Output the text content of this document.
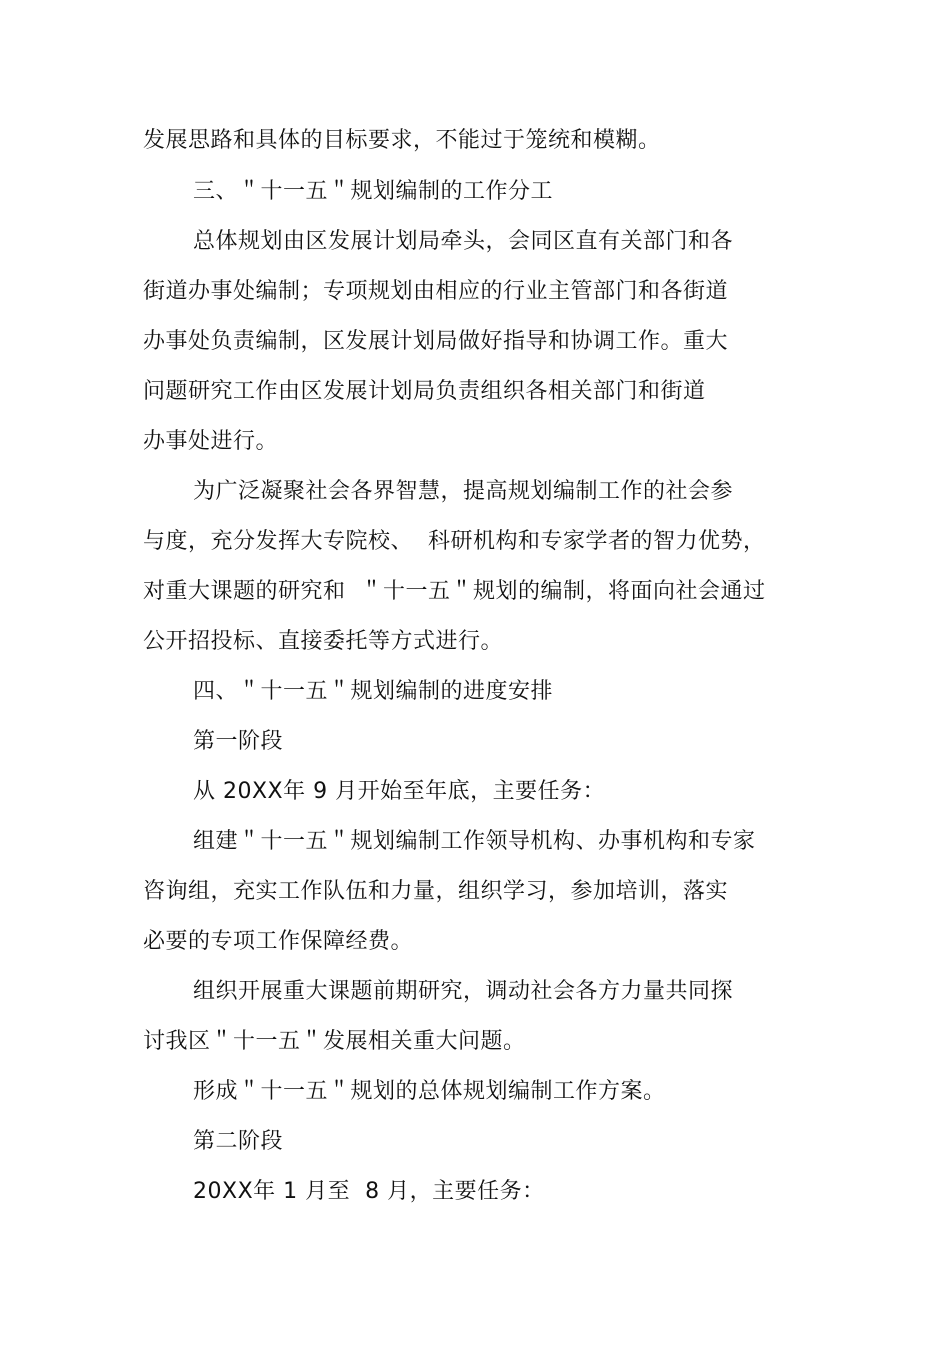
发展思路和具体的目标要求，不能过于笼统和模糊。
三、＂十一五＂规划编制的工作分工
总体规划由区发展计划局牵头，会同区直有关部门和各
街道办事处编制；专项规划由相应的行业主管部门和各街道
办事处负责编制，区发展计划局做好指导和协调工作。重大
问题研究工作由区发展计划局负责组织各相关部门和街道
办事处进行。
为广泛凝聚社会各界智慧，提高规划编制工作的社会参
与度，充分发挥大专院校、  科研机构和专家学者的智力优势，
对重大课题的研究和  ＂十一五＂规划的编制，将面向社会通过
公开招投标、直接委托等方式进行。
四、＂十一五＂规划编制的进度安排
第一阶段
从 20XX年 9 月开始至年底，主要任务：
组建＂十一五＂规划编制工作领导机构、办事机构和专家
咨询组，充实工作队伍和力量，组织学习，参加培训，落实
必要的专项工作保障经费。
组织开展重大课题前期研究，调动社会各方力量共同探
讨我区＂十一五＂发展相关重大问题。
形成＂十一五＂规划的总体规划编制工作方案。
第二阶段
20XX年 1 月至  8 月，主要任务：
